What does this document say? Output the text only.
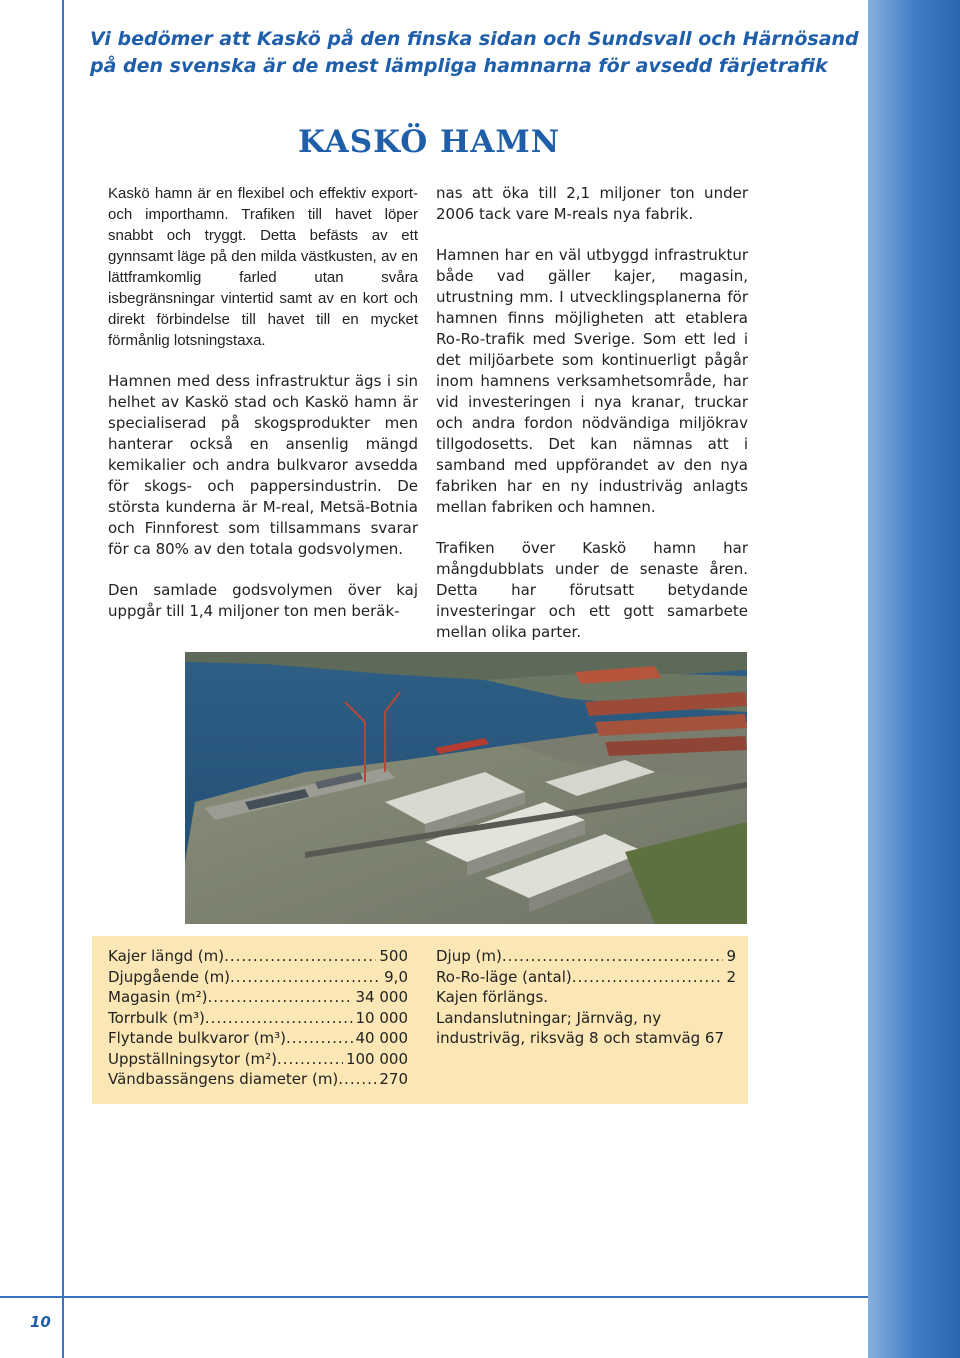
Vi bedömer att Kaskö på den finska sidan och Sundsvall och Härnösand
på den svenska är de mest lämpliga hamnarna för avsedd färjetrafik
KASKÖ HAMN

Kaskö hamn är en flexibel och effektiv export- och importhamn. Trafiken till havet löper snabbt och tryggt. Detta befästs av ett gynnsamt läge på den milda västkusten, av en lättframkomlig farled utan svåra isbegränsningar vintertid samt av en kort och direkt förbindelse till havet till en mycket förmånlig lotsningstaxa.

Hamnen med dess infrastruktur ägs i sin helhet av Kaskö stad och Kaskö hamn är specialiserad på skogsprodukter men hanterar också en ansenlig mängd kemikalier och andra bulkvaror avsedda för skogs- och pappersindustrin. De största kunderna är M-real, Metsä-Botnia och Finnforest som tillsammans svarar för ca 80% av den totala godsvolymen.

Den samlade godsvolymen över kaj uppgår till 1,4 miljoner ton men beräk-

nas att öka till 2,1 miljoner ton under 2006 tack vare M-reals nya fabrik.

Hamnen har en väl utbyggd infrastruktur både vad gäller kajer, magasin, utrustning mm. I utvecklingsplanerna för hamnen finns möjligheten att etablera Ro-Ro-trafik med Sverige. Som ett led i det miljöarbete som kontinuerligt pågår inom hamnens verksamhetsområde, har vid investeringen i nya kranar, truckar och andra fordon nödvändiga miljökrav tillgodosetts. Det kan nämnas att i samband med uppförandet av den nya fabriken har en ny industriväg anlagts mellan fabriken och hamnen.

Trafiken över Kaskö hamn har mångdubblats under de senaste åren. Detta har förutsatt betydande investeringar och ett gott samarbete mellan olika parter.

Kajer längd (m) .....	500
Djupgående (m) .....	9,0
Magasin (m²) .....	34 000
Torrbulk (m³) .....	10 000
Flytande bulkvaror (m³) .....	40 000
Uppställningsytor (m²) .....	100 000
Vändbassängens diameter (m) .....	270
Djup (m) .....	9
Ro-Ro-läge (antal) .....	2
Kajen förlängs.
Landanslutningar; Järnväg, ny industriväg, riksväg 8 och stamväg 67
10
